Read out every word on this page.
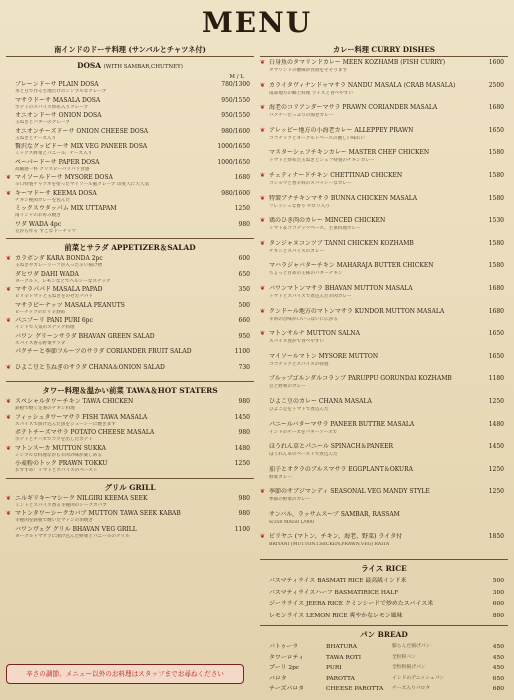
MENU
南インドのドーサ料理 (サンバルとチャツネ付)
DOSA (WITH SAMBAR,CHUTNEY)
M / L
プレーンドーサ PLAIN DOSA
米と豆で作る生地だけのシンプルなクレープ
780/1300
マサラドーサ MASALA DOSA
ポテトのスパイス炒め入りクレープ
950/1550
オニオンドーサ ONION DOSA
玉ねぎとバターのクレープ
950/1550
オニオンチーズドーサ ONION CHEESE DOSA
玉ねぎとチーズ入り
980/1600
贅沢なグッピドーサ MIX VEG PANEER DOSA
ミックス野菜とパニール、チーズ入り
1000/1650
ペーパードーサ PAPER DOSA
高級感一杯 クリスピーパリパリ食感
1000/1650
❦ マイソールドーサ MYSORE DOSA
辛口特製チャツネを塗ったマイソール風クレープ 印度人に大人気
1680
❦ キーマドーサ KEEMA DOSA
チキン挽肉カレーを包んだ
980/1600
ミックスウタッパム MIX UTTAPAM
南インドのお好み焼き
1250
ワダ WADA 4pc
豆から作る すごなドーナッツ
980
前菜とサラダ APPETIZER＆SALAD
❦ カラボンダ KARA BONDA 2pc
玉ねぎやカレーリーフが入った辛い揚げ物
600
ダヒワダ DAHI WADA
ヨーグルト、レモンなどでヘルシーなスナック
650
❦ マサラパパド MASALA PAPAD
ピリ辛トマトと玉ねぎをのせたパパド
350
マサラピーナッツ MASALA PEANUTS
ピーナッツのピリ辛炒め
500
❦ パニプーリ PANI PURI 6pc
インドで人気のスナック料理
660
バワン グリーンサラダ BHAVAN GREEN SALAD
スパイス香る野菜サラダ
950
パクチーと季節フルーツのサラダ CORIANDER FRUIT SALAD	1100
❦ ひよこ豆と玉ねぎのサラダ CHANA＆ONION SALAD	730
タワー料理＆温かい前菜 TAWA＆HOT STATERS
❦ スペシャルタワーチキン TAWA CHICKEN
鉄板で焼く定番のチキン料理
980
❦ フィッシュタワーマサラ FISH TAWA MASALA
スパイスで漬け込んだ魚をジューシーに焼きます
1450
ポテトチーズマサラ POTATO CHEESE MASALA
ポテトとチーズでコクを出したポテト
980
❦ マトンスーカ MUTTON SUKKA
シンプルな料理ながら羊肉の味が楽しめる
1480
小麦粉のトック PRAWN TOKKU
おすすめ！トマトとスパイスのペースト
1250
グリル GRILL
❦ ニルギリキーマシーク NILGIRI KEEMA SEEK
ミントとスパイス香る羊挽肉のシークカバブ
980
❦ マトンタワーシークカバブ MUTTON TAWA SEEK KABAB
羊挽肉を鉄板で焼いたマトンの串焼き
980
バワンヴェグ グリル BHAVAN VEG GRILL
ヨーグルトマサラに漬け込んだ野菜とパニールのグリル
1100
辛さの調節、メニュー以外のお料理はスタッフまでお尋ねください
カレー料理 CURRY DISHES
❦ 白身魚のタマリンドカレー MEEN KOZHAMB (FISH CURRY)
タマリンドの酸味が食欲をそそります
1600
❦ カライタヴィナンドゥマサラ NANDU MASALA (CRAB MASALA)
南部地方の郷土料理 ライスと食べやすい
2500
❦ 海老のコリアンダーマサラ PRAWN CORIANDER MASALA
パクチーたっぷりの海老カレー
1680
❦ アレッピー地方の小海老カレー ALLEPPEY PRAWN
ココナッツとヨーグルトベースの優しい味わい
1650
マスターシェフチキンカレー MASTER CHEF CHICKEN
トマトと炒めた玉ねぎとシェフ特製のチキンカレー
1580
❦ チェティナードチキン CHETTINAD CHICKEN
コショウと香辛料のスパイシーなカレー
1580
❦ 特製ブナチキンマサラ BUNNA CHICKEN MASALA
フレッシュな香り セロリ入り
1580
❦ 鶏のひき肉のカレー MINCED CHICKEN
トマト＆ココナッツベース、主菜料理カレー
1530
❦ タンジャヌコンツブ TANNI CHICKEN KOZHAMB
チキンとスパイスのカレー
1580
マハラジャバターチキン MAHARAJA BUTTER CHICKEN
ちょっと甘めの王様のバターチキン
1580
❦ バワンマトンマサラ BHAVAN MUTTON MASALA
トマトとスパイスで煮込んだ羊肉カレー
1680
❦ クンドール地方のマトンマサラ KUNDOR MUTTON MASALA
羊肉の旨味が口いっぱいに広がる
1680
❦ マトンサルナ MUTTON SALNA
スパイス豊かで食べやすい
1650
マイソールマトン MYSORE MUTTON
ココナッツとスパイスの特製
1650
プルップゴルンダルコランブ PARUPPU GORUNDAI KOZHAMB
豆と野菜のカレー
1180
ひよこ豆のカレー CHANA MASALA
ひよこ豆をトマトで煮込んだ
1250
パニールバターマサラ PANEER BUTTRE MASALA
インドのチーズをバターソースで
1480
ほうれん草とパニール SPINACH＆PANEER
ほうれん草のペーストで煮込んだ
1450
茄子とオクラのブルスマサラ EGGPLANT＆OKURA
野菜カレー
1250
❦ 季節のサブジマンディ SEASONAL VEG MANDY STYLE
季節の野菜のカレー
1250
サンバル、ラッサムスープ SAMBAR, RASSAM
S/350 M/650 L/900
❦ ビリヤニ (マトン、チキン、海老、野菜) ライタ付
BRIYANI (MUTTON,CHICKEN,PRAWN,VEG) RAITA
1850
ライス RICE
バスマティライス BASMATI RICE 最高級インド米	500
バスマティライスハーフ BASMATIRICE HALF	300
ジーラライス JEERA RICE クミンシードで炒めたスパイス米	600
レモンライス LEMON RICE 爽やかなレモン風味	800
パン BREAD
バトゥーラ	BHATURA	膨らんだ揚げパン	450
タワーロティ	TAWA ROTI	全粒粉パン	450
プーリ 2pc	PURI	全粒粉揚げパン	450
パロタ	PAROTTA	インドのデニッシュパン	650
チーズパロタ	CHEESE PAROTTA チーズ入りパロタ	680
